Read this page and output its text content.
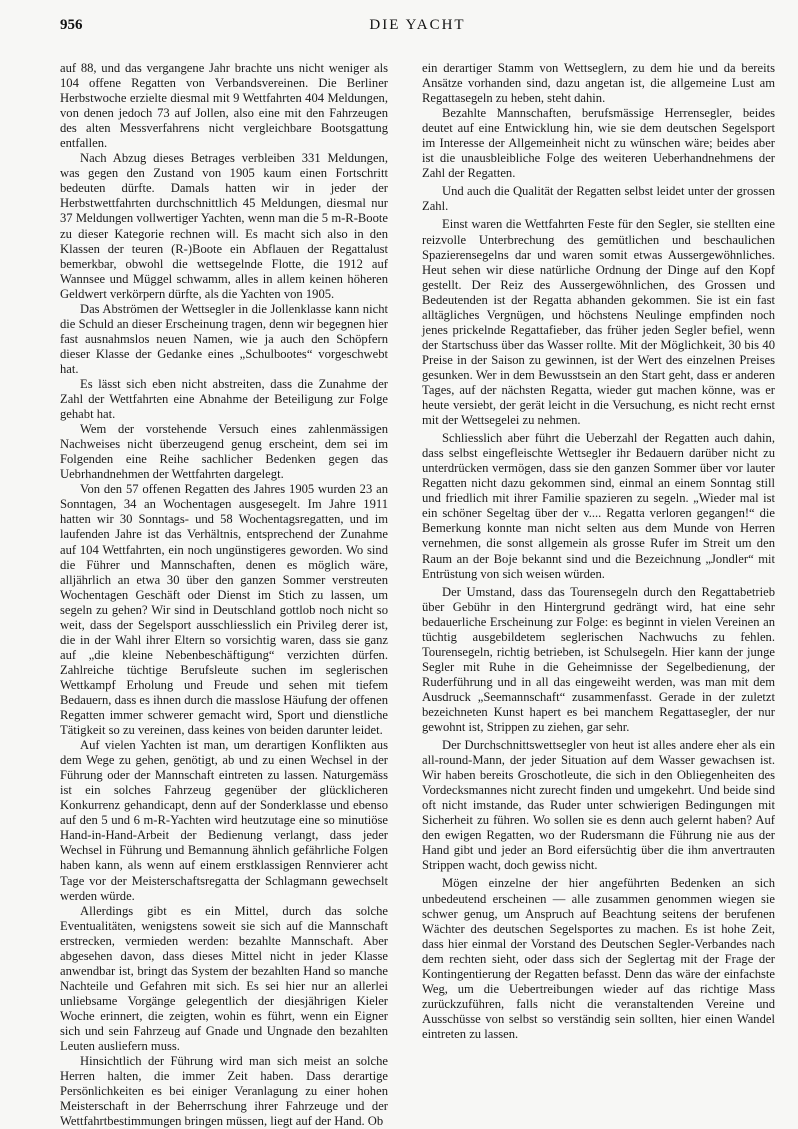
956	DIE YACHT

auf 88, und das vergangene Jahr brachte uns nicht weniger als 104 offene Regatten von Verbandsvereinen. Die Berliner Herbstwoche erzielte diesmal mit 9 Wettfahrten 404 Meldungen, von denen jedoch 73 auf Jollen, also eine mit den Fahrzeugen des alten Messverfahrens nicht vergleichbare Bootsgattung entfallen.

Nach Abzug dieses Betrages verbleiben 331 Meldungen, was gegen den Zustand von 1905 kaum einen Fortschritt bedeuten dürfte. Damals hatten wir in jeder der Herbstwettfahrten durchschnittlich 45 Meldungen, diesmal nur 37 Meldungen vollwertiger Yachten, wenn man die 5 m-R-Boote zu dieser Kategorie rechnen will. Es macht sich also in den Klassen der teuren (R-)Boote ein Abflauen der Regattalust bemerkbar, obwohl die wettsegelnde Flotte, die 1912 auf Wannsee und Müggel schwamm, alles in allem keinen höheren Geldwert verkörpern dürfte, als die Yachten von 1905.

Das Abströmen der Wettsegler in die Jollenklasse kann nicht die Schuld an dieser Erscheinung tragen, denn wir begegnen hier fast ausnahmslos neuen Namen, wie ja auch den Schöpfern dieser Klasse der Gedanke eines „Schulbootes“ vorgeschwebt hat.

Es lässt sich eben nicht abstreiten, dass die Zunahme der Zahl der Wettfahrten eine Abnahme der Beteiligung zur Folge gehabt hat.

Wem der vorstehende Versuch eines zahlenmässigen Nachweises nicht überzeugend genug erscheint, dem sei im Folgenden eine Reihe sachlicher Bedenken gegen das Uebrhandnehmen der Wettfahrten dargelegt.

Von den 57 offenen Regatten des Jahres 1905 wurden 23 an Sonntagen, 34 an Wochentagen ausgesegelt. Im Jahre 1911 hatten wir 30 Sonntags- und 58 Wochentagsregatten, und im laufenden Jahre ist das Verhältnis, entsprechend der Zunahme auf 104 Wettfahrten, ein noch ungünstigeres geworden. Wo sind die Führer und Mannschaften, denen es möglich wäre, alljährlich an etwa 30 über den ganzen Sommer verstreuten Wochentagen Geschäft oder Dienst im Stich zu lassen, um segeln zu gehen? Wir sind in Deutschland gottlob noch nicht so weit, dass der Segelsport ausschliesslich ein Privileg derer ist, die in der Wahl ihrer Eltern so vorsichtig waren, dass sie ganz auf „die kleine Nebenbeschäftigung“ verzichten dürfen. Zahlreiche tüchtige Berufsleute suchen im seglerischen Wettkampf Erholung und Freude und sehen mit tiefem Bedauern, dass es ihnen durch die masslose Häufung der offenen Regatten immer schwerer gemacht wird, Sport und dienstliche Tätigkeit so zu vereinen, dass keines von beiden darunter leidet.

Auf vielen Yachten ist man, um derartigen Konflikten aus dem Wege zu gehen, genötigt, ab und zu einen Wechsel in der Führung oder der Mannschaft eintreten zu lassen. Naturgemäss ist ein solches Fahrzeug gegenüber der glücklicheren Konkurrenz gehandicapt, denn auf der Sonderklasse und ebenso auf den 5 und 6 m-R-Yachten wird heutzutage eine so minutiöse Hand-in-Hand-Arbeit der Bedienung verlangt, dass jeder Wechsel in Führung und Bemannung ähnlich gefährliche Folgen haben kann, als wenn auf einem erstklassigen Rennvierer acht Tage vor der Meisterschaftsregatta der Schlagmann gewechselt werden würde.

Allerdings gibt es ein Mittel, durch das solche Eventualitäten, wenigstens soweit sie sich auf die Mannschaft erstrecken, vermieden werden: bezahlte Mannschaft. Aber abgesehen davon, dass dieses Mittel nicht in jeder Klasse anwendbar ist, bringt das System der bezahlten Hand so manche Nachteile und Gefahren mit sich. Es sei hier nur an allerlei unliebsame Vorgänge gelegentlich der diesjährigen Kieler Woche erinnert, die zeigten, wohin es führt, wenn ein Eigner sich und sein Fahrzeug auf Gnade und Ungnade den bezahlten Leuten ausliefern muss.

Hinsichtlich der Führung wird man sich meist an solche Herren halten, die immer Zeit haben. Dass derartige Persönlichkeiten es bei einiger Veranlagung zu einer hohen Meisterschaft in der Beherrschung ihrer Fahrzeuge und der Wettfahrtbestimmungen bringen müssen, liegt auf der Hand. Ob

ein derartiger Stamm von Wettseglern, zu dem hie und da bereits Ansätze vorhanden sind, dazu angetan ist, die allgemeine Lust am Regattasegeln zu heben, steht dahin.

Bezahlte Mannschaften, berufsmässige Herrensegler, beides deutet auf eine Entwicklung hin, wie sie dem deutschen Segelsport im Interesse der Allgemeinheit nicht zu wünschen wäre; beides aber ist die unausbleibliche Folge des weiteren Ueberhandnehmens der Zahl der Regatten.

Und auch die Qualität der Regatten selbst leidet unter der grossen Zahl.

Einst waren die Wettfahrten Feste für den Segler, sie stellten eine reizvolle Unterbrechung des gemütlichen und beschaulichen Spazierensegelns dar und waren somit etwas Aussergewöhnliches. Heut sehen wir diese natürliche Ordnung der Dinge auf den Kopf gestellt. Der Reiz des Aussergewöhnlichen, des Grossen und Bedeutenden ist der Regatta abhanden gekommen. Sie ist ein fast alltägliches Vergnügen, und höchstens Neulinge empfinden noch jenes prickelnde Regattafieber, das früher jeden Segler befiel, wenn der Startschuss über das Wasser rollte. Mit der Möglichkeit, 30 bis 40 Preise in der Saison zu gewinnen, ist der Wert des einzelnen Preises gesunken. Wer in dem Bewusstsein an den Start geht, dass er anderen Tages, auf der nächsten Regatta, wieder gut machen könne, was er heute versiebt, der gerät leicht in die Versuchung, es nicht recht ernst mit der Wettsegelei zu nehmen.

Schliesslich aber führt die Ueberzahl der Regatten auch dahin, dass selbst eingefleischte Wettsegler ihr Bedauern darüber nicht zu unterdrücken vermögen, dass sie den ganzen Sommer über vor lauter Regatten nicht dazu gekommen sind, einmal an einem Sonntag still und friedlich mit ihrer Familie spazieren zu segeln. „Wieder mal ist ein schöner Segeltag über der v.... Regatta verloren gegangen!“ die Bemerkung konnte man nicht selten aus dem Munde von Herren vernehmen, die sonst allgemein als grosse Rufer im Streit um den Raum an der Boje bekannt sind und die Bezeichnung „Jondler“ mit Entrüstung von sich weisen würden.

Der Umstand, dass das Tourensegeln durch den Regattabetrieb über Gebühr in den Hintergrund gedrängt wird, hat eine sehr bedauerliche Erscheinung zur Folge: es beginnt in vielen Vereinen an tüchtig ausgebildetem seglerischen Nachwuchs zu fehlen. Tourensegeln, richtig betrieben, ist Schulsegeln. Hier kann der junge Segler mit Ruhe in die Geheimnisse der Segelbedienung, der Ruderführung und in all das eingeweiht werden, was man mit dem Ausdruck „Seemannschaft“ zusammenfasst. Gerade in der zuletzt bezeichneten Kunst hapert es bei manchem Regattasegler, der nur gewohnt ist, Strippen zu ziehen, gar sehr.

Der Durchschnittswettsegler von heut ist alles andere eher als ein all-round-Mann, der jeder Situation auf dem Wasser gewachsen ist. Wir haben bereits Groschotleute, die sich in den Obliegenheiten des Vordecksmannes nicht zurecht finden und umgekehrt. Und beide sind oft nicht imstande, das Ruder unter schwierigen Bedingungen mit Sicherheit zu führen. Wo sollen sie es denn auch gelernt haben? Auf den ewigen Regatten, wo der Rudersmann die Führung nie aus der Hand gibt und jeder an Bord eifersüchtig über die ihm anvertrauten Strippen wacht, doch gewiss nicht.

Mögen einzelne der hier angeführten Bedenken an sich unbedeutend erscheinen — alle zusammen genommen wiegen sie schwer genug, um Anspruch auf Beachtung seitens der berufenen Wächter des deutschen Segelsportes zu machen. Es ist hohe Zeit, dass hier einmal der Vorstand des Deutschen Segler-Verbandes nach dem rechten sieht, oder dass sich der Seglertag mit der Frage der Kontingentierung der Regatten befasst. Denn das wäre der einfachste Weg, um die Uebertreibungen wieder auf das richtige Mass zurückzuführen, falls nicht die veranstaltenden Vereine und Ausschüsse von selbst so verständig sein sollten, hier einen Wandel eintreten zu lassen.
